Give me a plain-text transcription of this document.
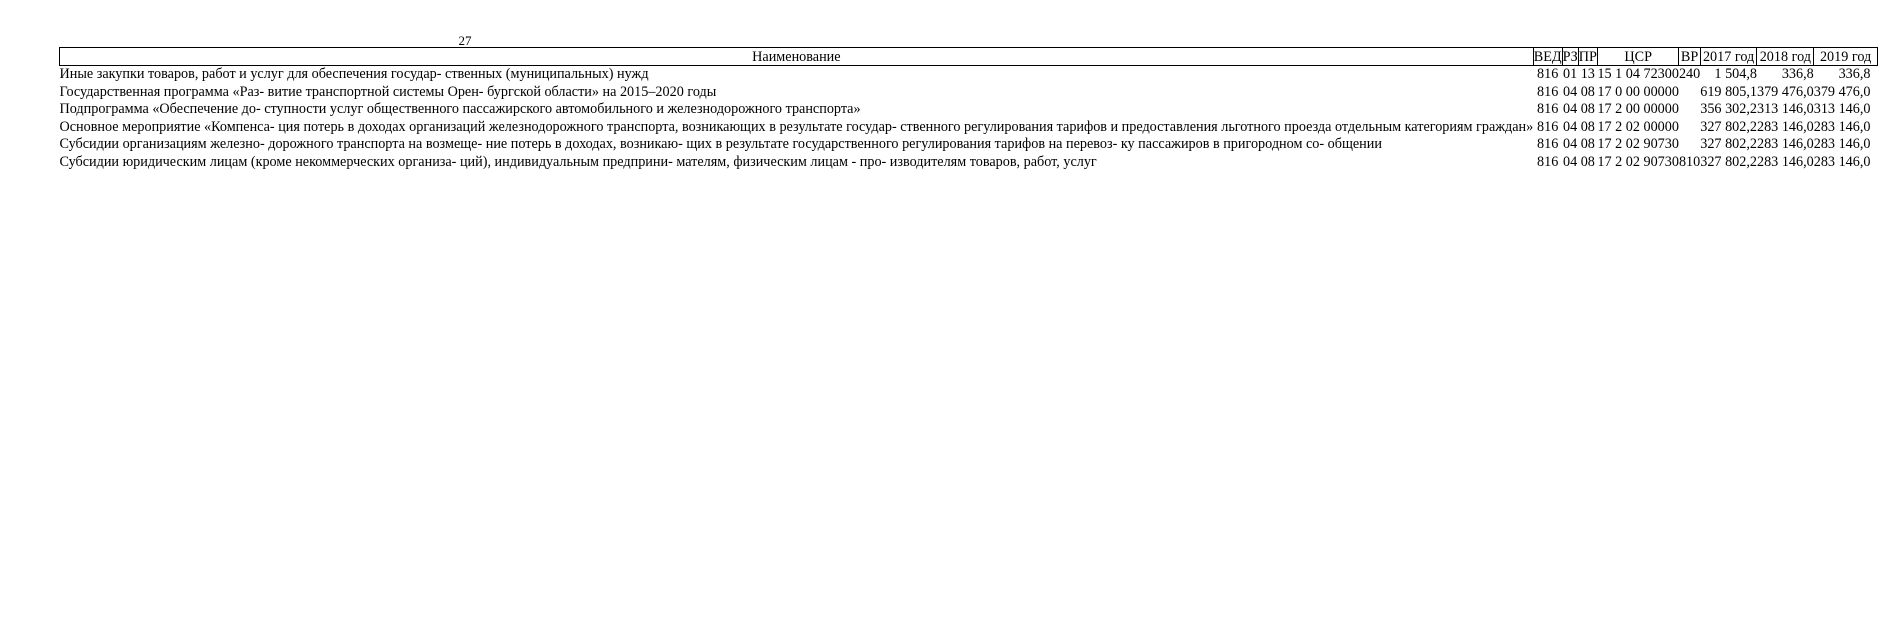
27
Наименование	ВЕД	РЗ	ПР	ЦСР	ВР	2017 год	2018 год	2019 год
Иные закупки товаров, работ и услуг для обеспечения государ- ственных (муниципальных) нужд	816	01	13	15 1 04 72300	240	1 504,8	336,8	336,8
Государственная программа «Раз- витие транспортной системы Орен- бургской области» на 2015–2020 годы	816	04	08	17 0 00 00000		619 805,1	379 476,0	379 476,0
Подпрограмма «Обеспечение до- ступности услуг общественного пассажирского автомобильного и железнодорожного транспорта»	816	04	08	17 2 00 00000		356 302,2	313 146,0	313 146,0
Основное мероприятие «Компенса- ция потерь в доходах организаций железнодорожного транспорта, возникающих в результате государ- ственного регулирования тарифов и предоставления льготного проезда отдельным категориям граждан»	816	04	08	17 2 02 00000		327 802,2	283 146,0	283 146,0
Субсидии организациям железно- дорожного транспорта на возмеще- ние потерь в доходах, возникаю- щих в результате государственного регулирования тарифов на перевоз- ку пассажиров в пригородном со- общении	816	04	08	17 2 02 90730		327 802,2	283 146,0	283 146,0
Субсидии юридическим лицам (кроме некоммерческих организа- ций), индивидуальным предприни- мателям, физическим лицам - про- изводителям товаров, работ, услуг	816	04	08	17 2 02 90730	810	327 802,2	283 146,0	283 146,0
